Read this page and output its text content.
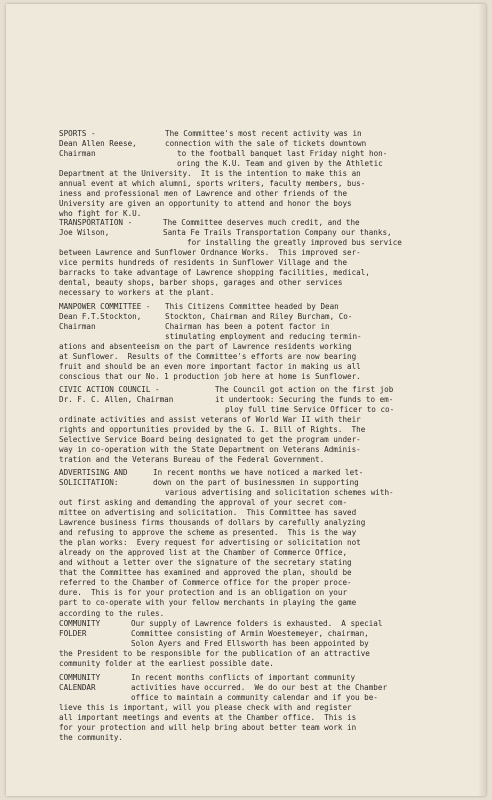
SPORTS -
Dean Allen Reese,
Chairman
The Committee's most recent activity was in
connection with the sale of tickets downtown
to the football banquet last Friday night hon-
oring the K.U. Team and given by the Athletic
Department at the University.  It is the intention to make this an
annual event at which alumni, sports writers, faculty members, bus-
iness and professional men of Lawrence and other friends of the
University are given an opportunity to attend and honor the boys
who fight for K.U.
TRANSPORTATION -
Joe Wilson,
The Committee deserves much credit, and the
Santa Fe Trails Transportation Company our thanks,
for installing the greatly improved bus service
between Lawrence and Sunflower Ordnance Works.  This improved ser-
vice permits hundreds of residents in Sunflower Village and the
barracks to take advantage of Lawrence shopping facilities, medical,
dental, beauty shops, barber shops, garages and other services
necessary to workers at the plant.
MANPOWER COMMITTEE -
Dean F.T.Stockton,
Chairman
This Citizens Committee headed by Dean
Stockton, Chairman and Riley Burcham, Co-
Chairman has been a potent factor in
stimulating employment and reducing termin-
ations and absenteeism on the part of Lawrence residents working
at Sunflower.  Results of the Committee's efforts are now bearing
fruit and should be an even more important factor in making us all
conscious that our No. 1 production job here at home is Sunflower.
CIVIC ACTION COUNCIL -
Dr. F. C. Allen, Chairman
The Council got action on the first job
it undertook: Securing the funds to em-
ploy full time Service Officer to co-
ordinate activities and assist veterans of World War II with their
rights and opportunities provided by the G. I. Bill of Rights.  The
Selective Service Board being designated to get the program under-
way in co-operation with the State Department on Veterans Adminis-
tration and the Veterans Bureau of the Federal Government.
ADVERTISING AND
SOLICITATION:
In recent months we have noticed a marked let-
down on the part of businessmen in supporting
various advertising and solicitation schemes with-
out first asking and demanding the approval of your secret com-
mittee on advertising and solicitation.  This Committee has saved
Lawrence business firms thousands of dollars by carefully analyzing
and refusing to approve the scheme as presented.  This is the way
the plan works:  Every request for advertising or solicitation not
already on the approved list at the Chamber of Commerce Office,
and without a letter over the signature of the secretary stating
that the Committee has examined and approved the plan, should be
referred to the Chamber of Commerce office for the proper proce-
dure.  This is for your protection and is an obligation on your
part to co-operate with your fellow merchants in playing the game
according to the rules.
COMMUNITY
FOLDER
Our supply of Lawrence folders is exhausted.  A special
Committee consisting of Armin Woestemeyer, chairman,
Solon Ayers and Fred Ellsworth has been appointed by
the President to be responsible for the publication of an attractive
community folder at the earliest possible date.
COMMUNITY
CALENDAR
In recent months conflicts of important community
activities have occurred.  We do our best at the Chamber
office to maintain a community calendar and if you be-
lieve this is important, will you please check with and register
all important meetings and events at the Chamber office.  This is
for your protection and will help bring about better team work in
the community.
